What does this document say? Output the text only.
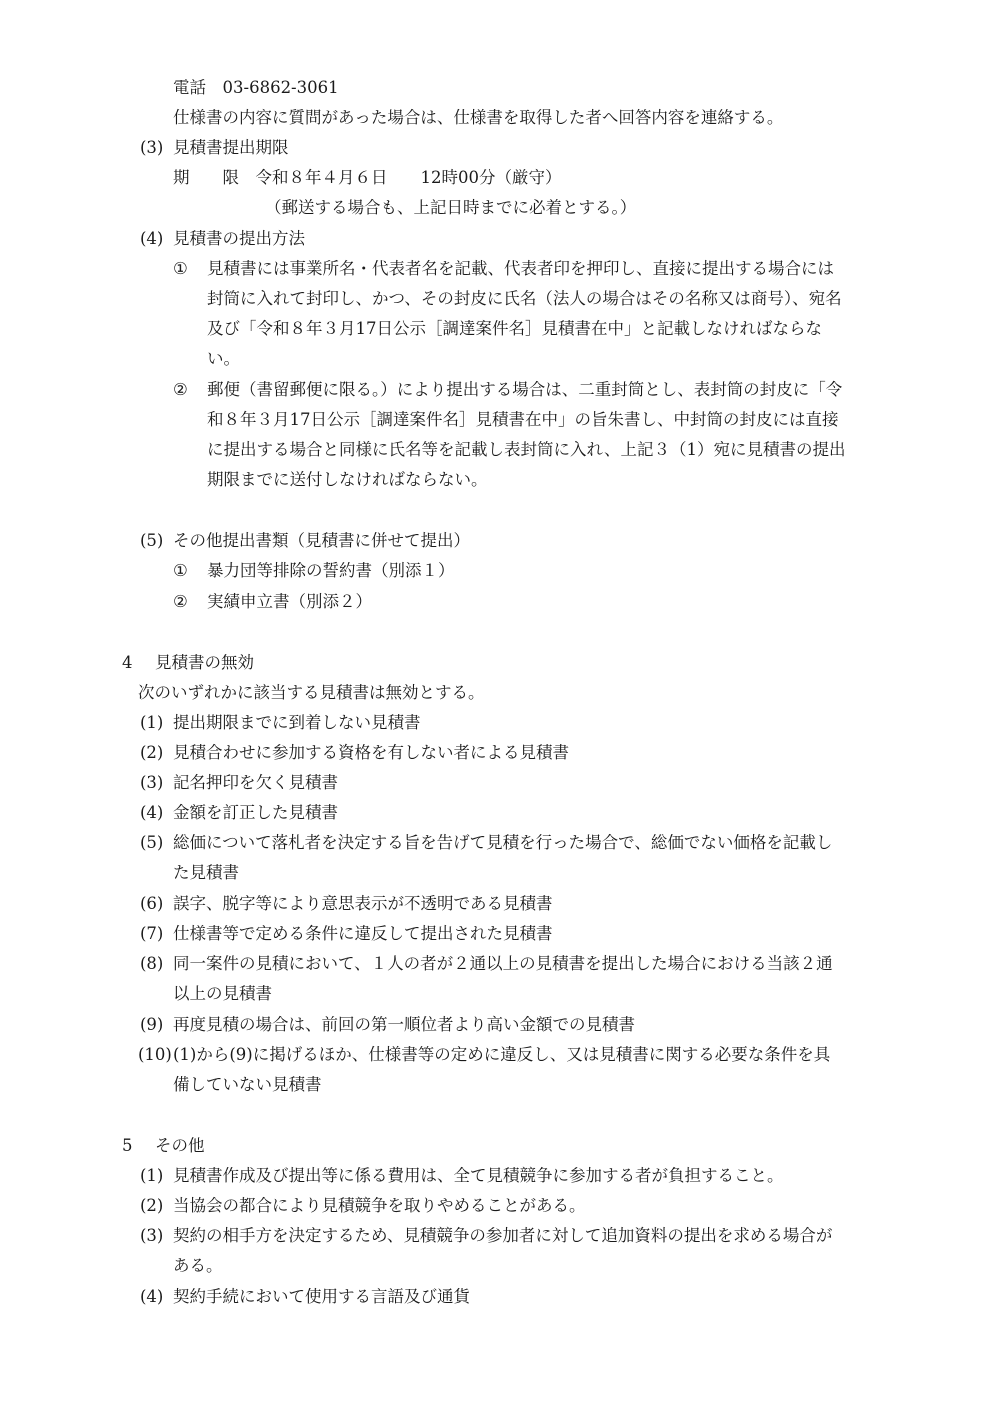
電話　03-6862-3061
仕様書の内容に質問があった場合は、仕様書を取得した者へ回答内容を連絡する。
(3) 見積書提出期限
期　　限　令和８年４月６日　　12時00分（厳守）
（郵送する場合も、上記日時までに必着とする。）
(4) 見積書の提出方法
① 見積書には事業所名・代表者名を記載、代表者印を押印し、直接に提出する場合には
封筒に入れて封印し、かつ、その封皮に氏名（法人の場合はその名称又は商号）、宛名
及び「令和８年３月17日公示［調達案件名］見積書在中」と記載しなければならな
い。
② 郵便（書留郵便に限る。）により提出する場合は、二重封筒とし、表封筒の封皮に「令
和８年３月17日公示［調達案件名］見積書在中」の旨朱書し、中封筒の封皮には直接
に提出する場合と同様に氏名等を記載し表封筒に入れ、上記３（1）宛に見積書の提出
期限までに送付しなければならない。
(5) その他提出書類（見積書に併せて提出）
① 暴力団等排除の誓約書（別添１）
② 実績申立書（別添２）
4 見積書の無効
次のいずれかに該当する見積書は無効とする。
(1) 提出期限までに到着しない見積書
(2) 見積合わせに参加する資格を有しない者による見積書
(3) 記名押印を欠く見積書
(4) 金額を訂正した見積書
(5) 総価について落札者を決定する旨を告げて見積を行った場合で、総価でない価格を記載し
た見積書
(6) 誤字、脱字等により意思表示が不透明である見積書
(7) 仕様書等で定める条件に違反して提出された見積書
(8) 同一案件の見積において、１人の者が２通以上の見積書を提出した場合における当該２通
以上の見積書
(9) 再度見積の場合は、前回の第一順位者より高い金額での見積書
(10) (1)から(9)に掲げるほか、仕様書等の定めに違反し、又は見積書に関する必要な条件を具
備していない見積書
5 その他
(1) 見積書作成及び提出等に係る費用は、全て見積競争に参加する者が負担すること。
(2) 当協会の都合により見積競争を取りやめることがある。
(3) 契約の相手方を決定するため、見積競争の参加者に対して追加資料の提出を求める場合が
ある。
(4) 契約手続において使用する言語及び通貨
